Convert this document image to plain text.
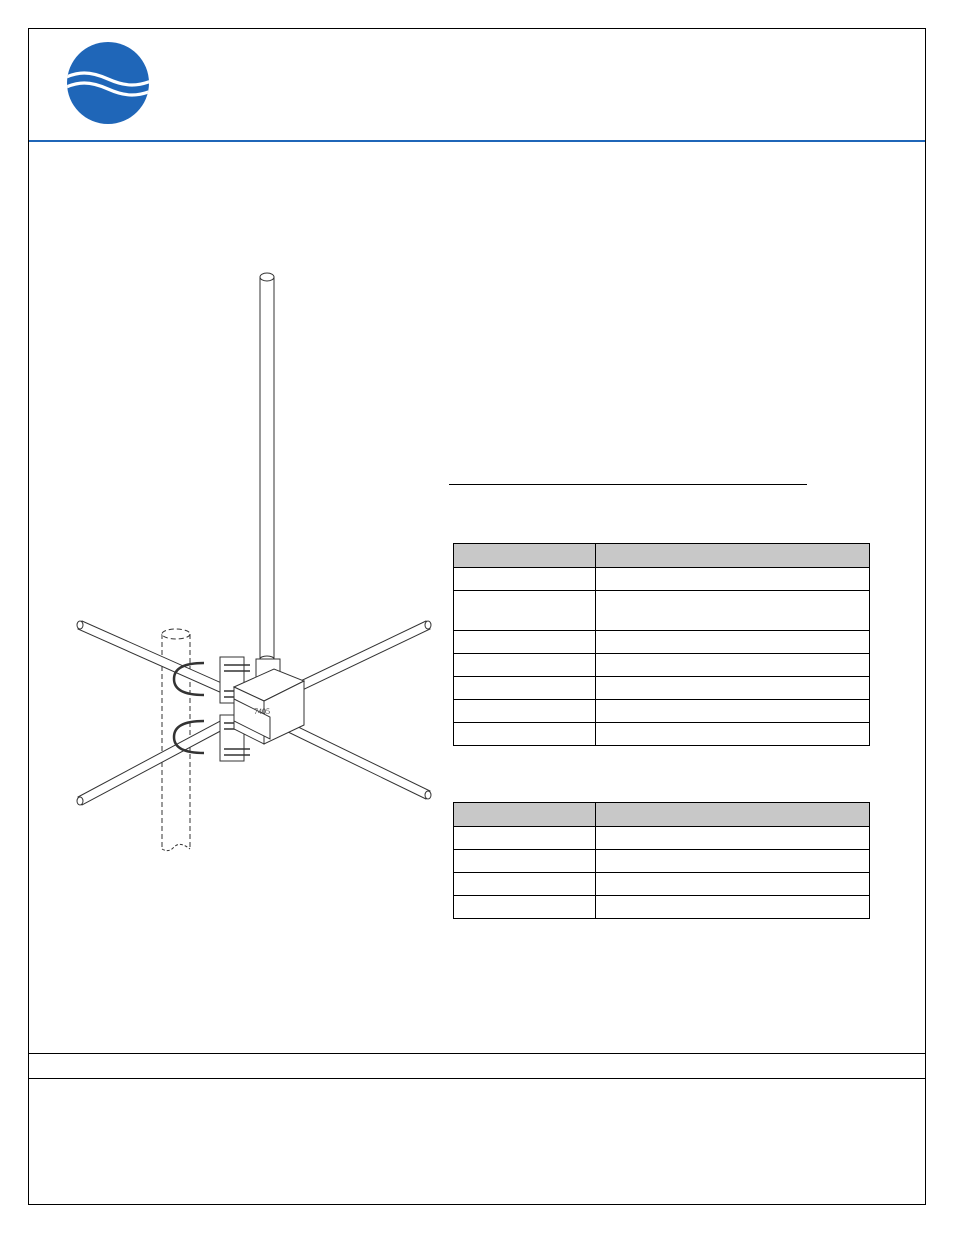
7405
